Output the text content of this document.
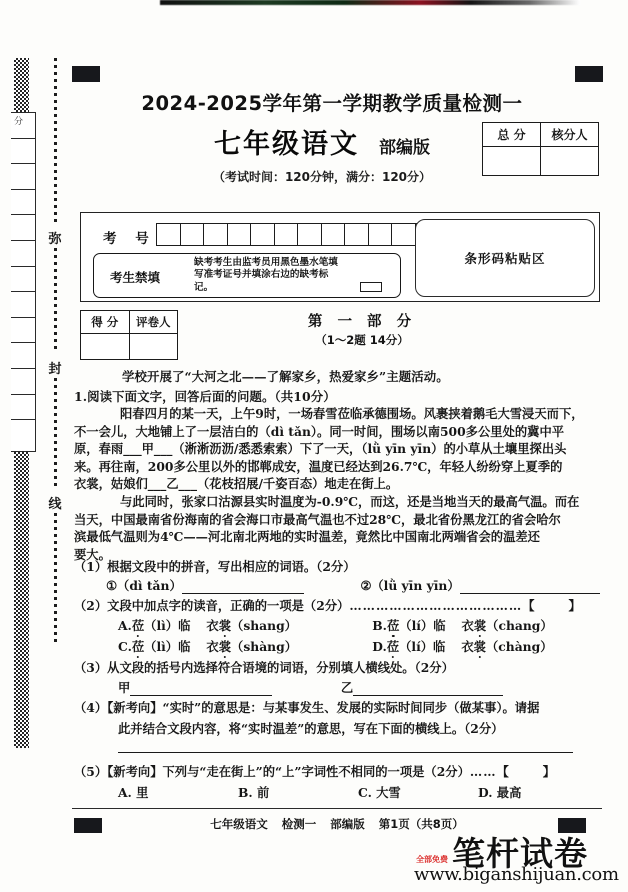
分
弥
封
线
2024-2025学年第一学期教学质量检测一
七年级语文 部编版
（考试时间：120分钟，满分：120分）
总 分	核分人
考 号
考生禁填
缺考考生由监考员用黑色墨水笔填写准考证号并填涂右边的缺考标记。
条形码粘贴区
得 分	评卷人	第 一 部 分
（1～2题 14分）
学校开展了“大河之北——了解家乡，热爱家乡”主题活动。
1.阅读下面文字，回答后面的问题。（共10分）
阳春四月的某一天，上午9时，一场春雪莅临承德围场。风裹挟着鹅毛大雪浸天而下，
不一会儿，大地铺上了一层洁白的（dì tǎn）。同一时间，围场以南500多公里处的冀中平
原，春雨___甲___（淅淅沥沥/悉悉索索）下了一天，（lǜ yīn yīn）的小草从土壤里探出头
来。再往南，200多公里以外的邯郸成安，温度已经达到26.7℃，年轻人纷纷穿上夏季的
衣裳，姑娘们___乙___（花枝招展/千姿百态）地走在街上。
与此同时，张家口沽源县实时温度为-0.9℃，而这，还是当地当天的最高气温。而在
当天，中国最南省份海南的省会海口市最高气温也不过28℃，最北省份黑龙江的省会哈尔
滨最低气温则为4℃——河北南北两地的实时温差，竟然比中国南北两端省会的温差还
要大。
（1）根据文段中的拼音，写出相应的词语。（2分）
①（dì tǎn）	②（lǜ yīn yīn）
（2）文段中加点字的读音，正确的一项是（2分）…………………………………【	】
A.莅（lì）临 衣裳（shang）	B.莅（lí）临 衣裳（chang）
C.莅（lì）临 衣裳（shàng）	D.莅（lí）临 衣裳（chàng）
（3）从文段的括号内选择符合语境的词语，分别填人横线处。（2分）
甲	乙
（4）【新考向】“实时”的意思是：与某事发生、发展的实际时间同步（做某事）。请据
此并结合文段内容，将“实时温差”的意思，写在下面的横线上。（2分）
（5）【新考向】下列与“走在街上”的“上”字词性不相同的一项是（2分）……【	】
A. 里	B. 前	C. 大雪	D. 最高
七年级语文 检测一 部编版 第1页（共8页）
笔杆试卷
全部免费
www.biganshijuan.com
